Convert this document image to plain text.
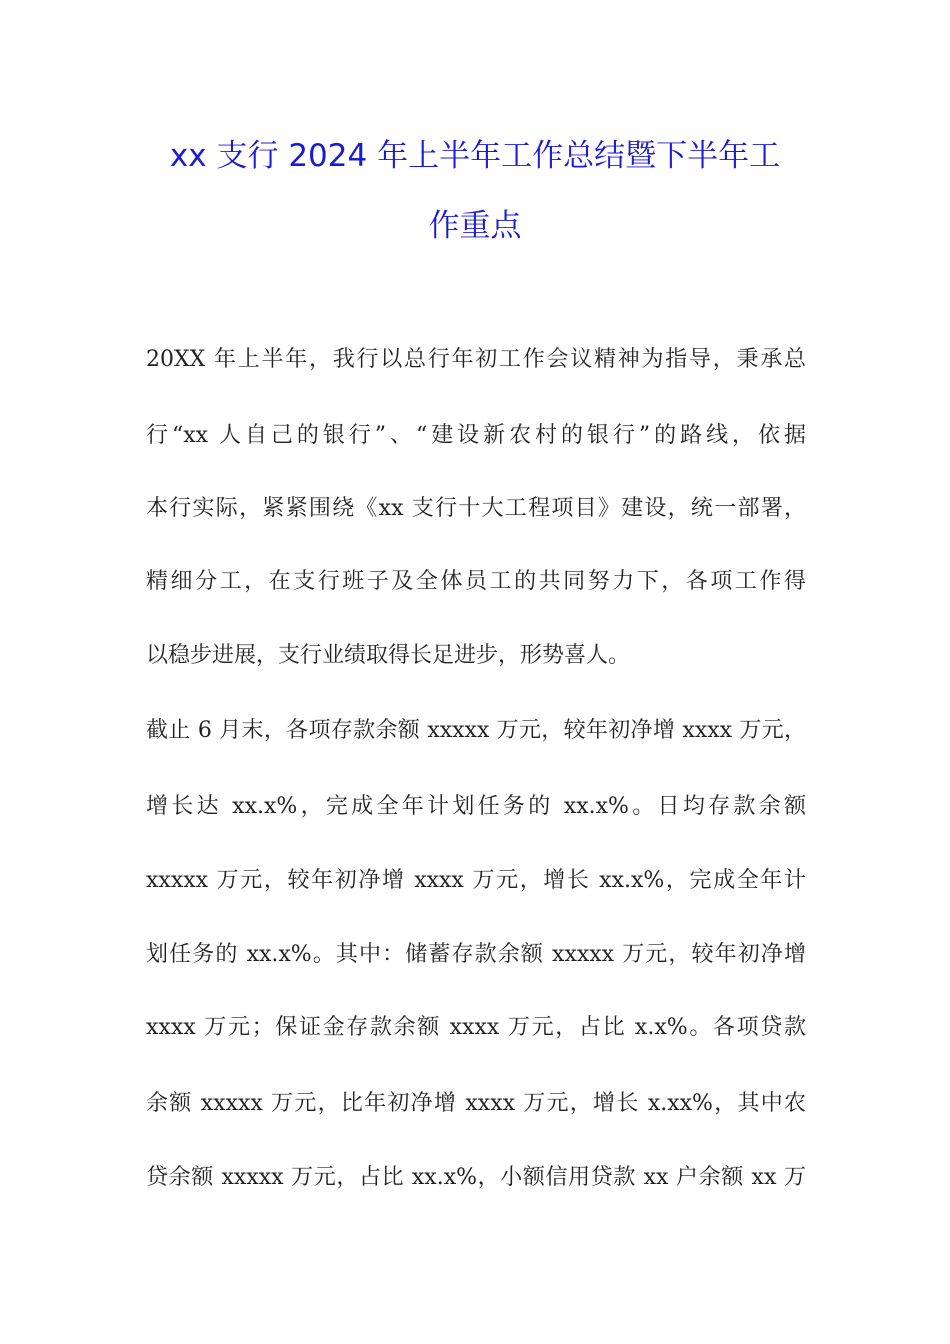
xx 支行 2024 年上半年工作总结暨下半年工
作重点

20XX 年上半年，我行以总行年初工作会议精神为指导，秉承总

行“xx 人自己的银行”、“建设新农村的银行”的路线，依据

本行实际，紧紧围绕《xx 支行十大工程项目》建设，统一部署，

精细分工，在支行班子及全体员工的共同努力下，各项工作得

以稳步进展，支行业绩取得长足进步，形势喜人。

截止 6 月末，各项存款余额 xxxxx 万元，较年初净增 xxxx 万元，

增长达 xx.x%，完成全年计划任务的 xx.x%。日均存款余额

xxxxx 万元，较年初净增 xxxx 万元，增长 xx.x%，完成全年计

划任务的 xx.x%。其中：储蓄存款余额 xxxxx 万元，较年初净增

xxxx 万元；保证金存款余额 xxxx 万元，占比 x.x%。各项贷款

余额 xxxxx 万元，比年初净增 xxxx 万元，增长 x.xx%，其中农

贷余额 xxxxx 万元，占比 xx.x%，小额信用贷款 xx 户余额 xx 万
